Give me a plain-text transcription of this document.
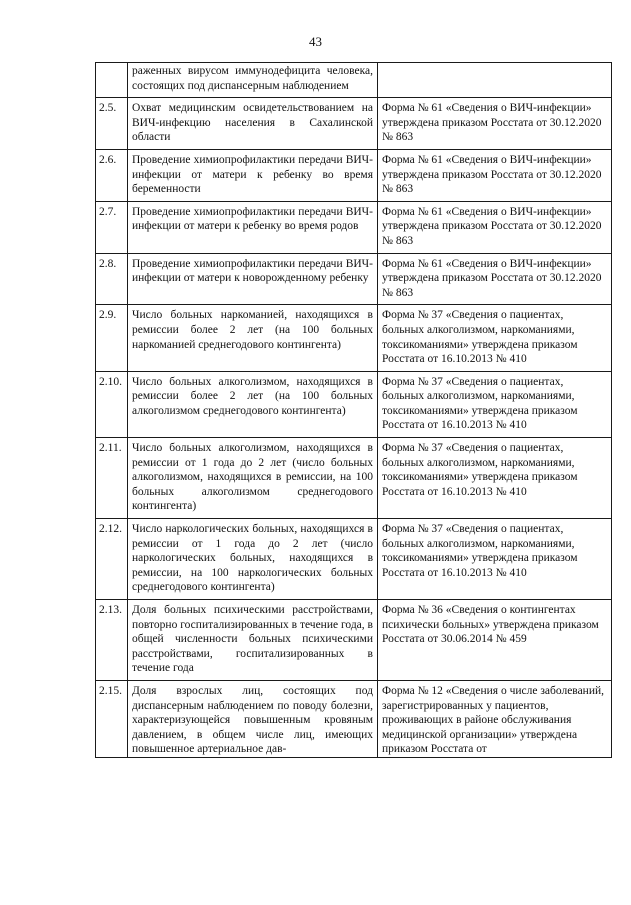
43
	раженных вирусом иммунодефицита человека, состоящих под диспансерным наблюдением	
2.5.	Охват медицинским освидетельствованием на ВИЧ-инфекцию населения в Сахалинской области	Форма № 61 «Сведения о ВИЧ-инфекции» утверждена приказом Росстата от 30.12.2020 № 863
2.6.	Проведение химиопрофилактики передачи ВИЧ-инфекции от матери к ребенку во время беременности	Форма № 61 «Сведения о ВИЧ-инфекции» утверждена приказом Росстата от 30.12.2020 № 863
2.7.	Проведение химиопрофилактики передачи ВИЧ-инфекции от матери к ребенку во время родов	Форма № 61 «Сведения о ВИЧ-инфекции» утверждена приказом Росстата от 30.12.2020 № 863
2.8.	Проведение химиопрофилактики передачи ВИЧ-инфекции от матери к новорожденному ребенку	Форма № 61 «Сведения о ВИЧ-инфекции» утверждена приказом Росстата от 30.12.2020 № 863
2.9.	Число больных наркоманией, находящихся в ремиссии более 2 лет (на 100 больных наркоманией среднегодового контингента)	Форма № 37 «Сведения о пациентах, больных алкоголизмом, наркоманиями, токсикоманиями» утверждена приказом Росстата от 16.10.2013 № 410
2.10.	Число больных алкоголизмом, находящихся в ремиссии более 2 лет (на 100 больных алкоголизмом среднегодового контингента)	Форма № 37 «Сведения о пациентах, больных алкоголизмом, наркоманиями, токсикоманиями» утверждена приказом Росстата от 16.10.2013 № 410
2.11.	Число больных алкоголизмом, находящихся в ремиссии от 1 года до 2 лет (число больных алкоголизмом, находящихся в ремиссии, на 100 больных алкоголизмом среднегодового контингента)	Форма № 37 «Сведения о пациентах, больных алкоголизмом, наркоманиями, токсикоманиями» утверждена приказом Росстата от 16.10.2013 № 410
2.12.	Число наркологических больных, находящихся в ремиссии от 1 года до 2 лет (число наркологических больных, находящихся в ремиссии, на 100 наркологических больных среднегодового контингента)	Форма № 37 «Сведения о пациентах, больных алкоголизмом, наркоманиями, токсикоманиями» утверждена приказом Росстата от 16.10.2013 № 410
2.13.	Доля больных психическими расстройствами, повторно госпитализированных в течение года, в общей численности больных психическими расстройствами, госпитализированных в течение года	Форма № 36 «Сведения о контингентах психически больных» утверждена приказом Росстата от 30.06.2014 № 459
2.15.	Доля взрослых лиц, состоящих под диспансерным наблюдением по поводу болезни, характеризующейся повышенным кровяным давлением, в общем числе лиц, имеющих повышенное артериальное дав-	Форма № 12 «Сведения о числе заболеваний, зарегистрированных у пациентов, проживающих в районе обслуживания медицинской организации» утверждена приказом Росстата от
